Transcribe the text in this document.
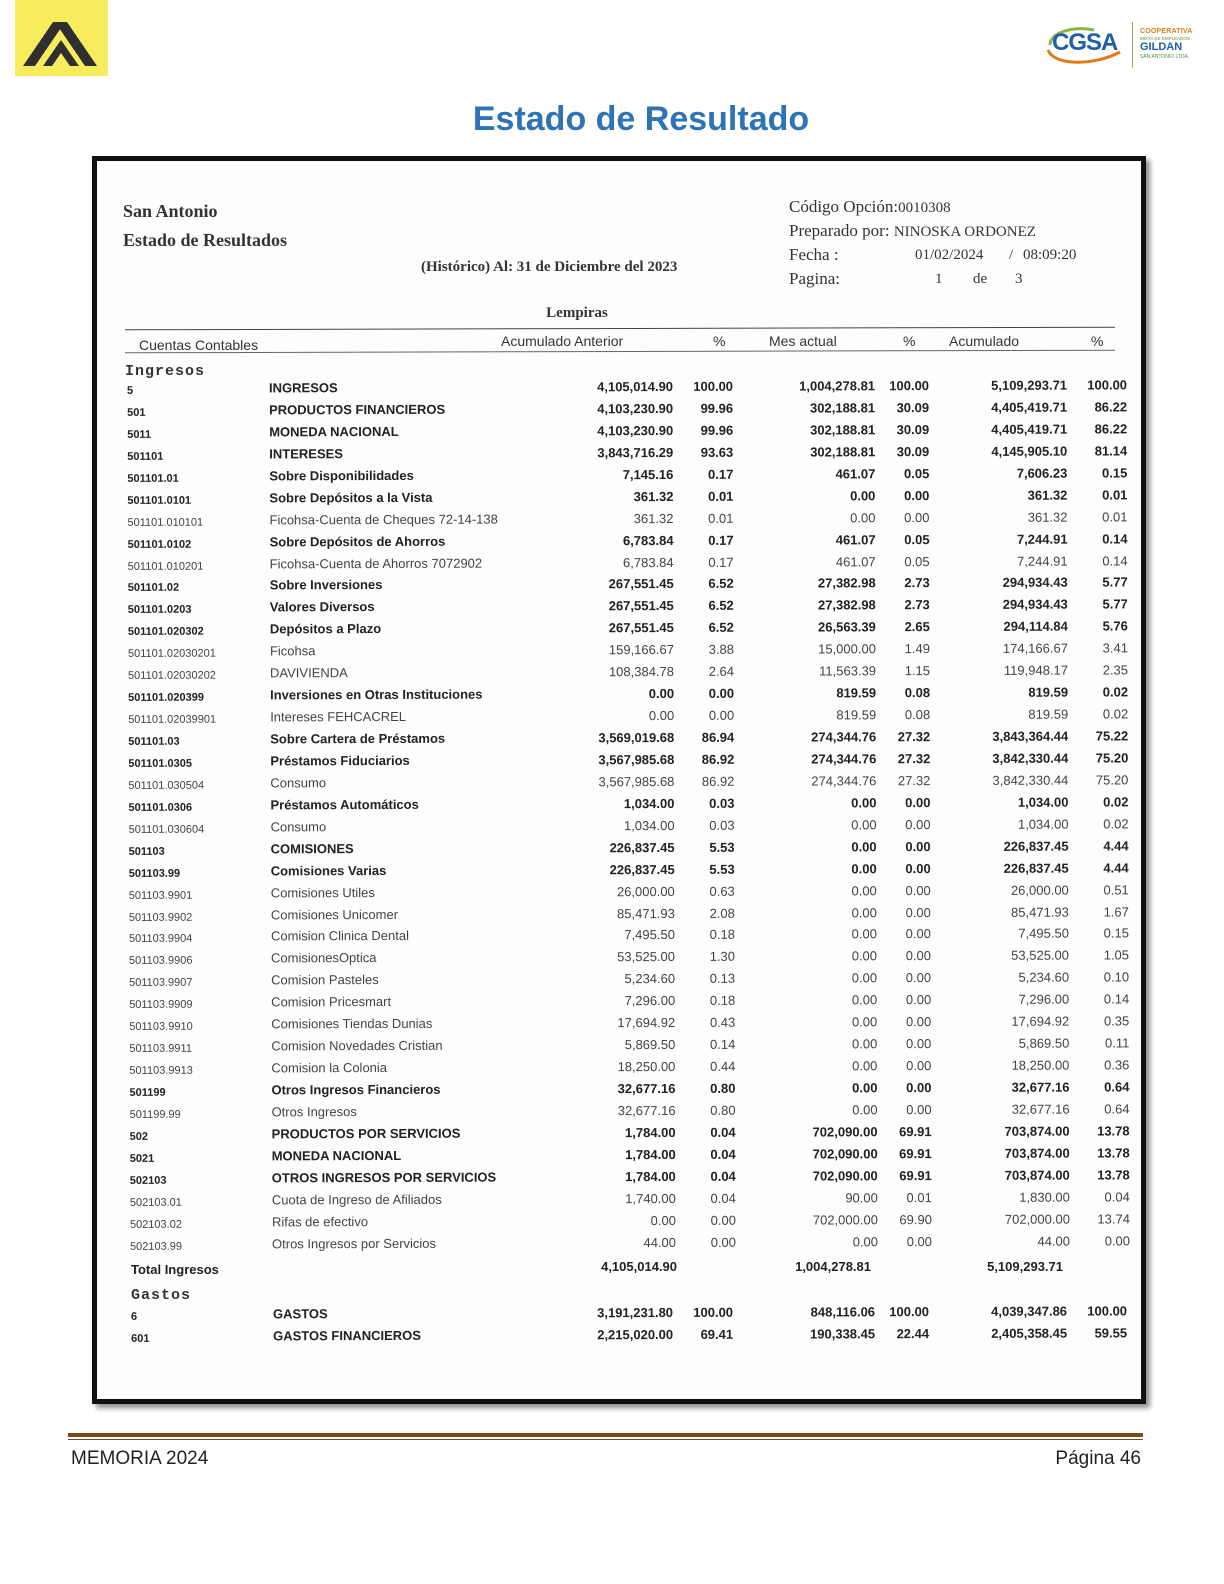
CGSA	COOPERATIVA
MIXTA DE EMPLEADOS
GILDAN
SAN ANTONIO LTDA.
Estado de Resultado
San Antonio
Estado de Resultados
(Histórico) Al: 31 de Diciembre del 2023
Código Opción:0010308
Preparado por: NINOSKA ORDONEZ
Fecha :	01/02/2024 / 08:09:20
Pagina:	1 de 3
Lempiras
Cuentas Contables	Acumulado Anterior	%	Mes actual	% Acumulado	%
Ingresos
5	INGRESOS	4,105,014.90 100.00	1,004,278.81 100.00	5,109,293.71 100.00
501	PRODUCTOS FINANCIEROS	4,103,230.90 99.96	302,188.81 30.09	4,405,419.71 86.22
5011	MONEDA NACIONAL	4,103,230.90 99.96	302,188.81 30.09	4,405,419.71 86.22
501101	INTERESES	3,843,716.29 93.63	302,188.81 30.09	4,145,905.10 81.14
501101.01	Sobre Disponibilidades	7,145.16	0.17	461.07 0.05	7,606.23	0.15
501101.0101	Sobre Depósitos a la Vista	361.32	0.01	0.00 0.00	361.32	0.01
501101.010101	Ficohsa-Cuenta de Cheques 72-14-138	361.32	0.01	0.00 0.00	361.32	0.01
501101.0102	Sobre Depósitos de Ahorros	6,783.84	0.17	461.07 0.05	7,244.91	0.14
501101.010201	Ficohsa-Cuenta de Ahorros 7072902	6,783.84	0.17	461.07 0.05	7,244.91	0.14
501101.02	Sobre Inversiones	267,551.45	6.52	27,382.98 2.73	294,934.43	5.77
501101.0203	Valores Diversos	267,551.45	6.52	27,382.98 2.73	294,934.43	5.77
501101.020302	Depósitos a Plazo	267,551.45	6.52	26,563.39 2.65	294,114.84	5.76
501101.02030201	Ficohsa	159,166.67	3.88	15,000.00 1.49	174,166.67	3.41
501101.02030202	DAVIVIENDA	108,384.78	2.64	11,563.39 1.15	119,948.17	2.35
501101.020399	Inversiones en Otras Instituciones	0.00	0.00	819.59 0.08	819.59	0.02
501101.02039901	Intereses FEHCACREL	0.00	0.00	819.59 0.08	819.59	0.02
501101.03	Sobre Cartera de Préstamos	3,569,019.68 86.94	274,344.76 27.32	3,843,364.44 75.22
501101.0305	Préstamos Fiduciarios	3,567,985.68 86.92	274,344.76 27.32	3,842,330.44 75.20
501101.030504	Consumo	3,567,985.68 86.92	274,344.76 27.32	3,842,330.44 75.20
501101.0306	Préstamos Automáticos	1,034.00	0.03	0.00 0.00	1,034.00	0.02
501101.030604	Consumo	1,034.00	0.03	0.00 0.00	1,034.00	0.02
501103	COMISIONES	226,837.45	5.53	0.00 0.00	226,837.45	4.44
501103.99	Comisiones Varias	226,837.45	5.53	0.00 0.00	226,837.45	4.44
501103.9901	Comisiones Utiles	26,000.00	0.63	0.00 0.00	26,000.00	0.51
501103.9902	Comisiones Unicomer	85,471.93	2.08	0.00 0.00	85,471.93	1.67
501103.9904	Comision Clinica Dental	7,495.50	0.18	0.00 0.00	7,495.50	0.15
501103.9906	ComisionesOptica	53,525.00	1.30	0.00 0.00	53,525.00	1.05
501103.9907	Comision Pasteles	5,234.60	0.13	0.00 0.00	5,234.60	0.10
501103.9909	Comision Pricesmart	7,296.00	0.18	0.00 0.00	7,296.00	0.14
501103.9910	Comisiones Tiendas Dunias	17,694.92	0.43	0.00 0.00	17,694.92	0.35
501103.9911	Comision Novedades Cristian	5,869.50	0.14	0.00 0.00	5,869.50	0.11
501103.9913	Comision la Colonia	18,250.00	0.44	0.00 0.00	18,250.00	0.36
501199	Otros Ingresos Financieros	32,677.16	0.80	0.00 0.00	32,677.16	0.64
501199.99	Otros Ingresos	32,677.16	0.80	0.00 0.00	32,677.16	0.64
502	PRODUCTOS POR SERVICIOS	1,784.00	0.04	702,090.00 69.91	703,874.00 13.78
5021	MONEDA NACIONAL	1,784.00	0.04	702,090.00 69.91	703,874.00 13.78
502103	OTROS INGRESOS POR SERVICIOS	1,784.00	0.04	702,090.00 69.91	703,874.00 13.78
502103.01	Cuota de Ingreso de Afiliados	1,740.00	0.04	90.00 0.01	1,830.00	0.04
502103.02	Rifas de efectivo	0.00	0.00	702,000.00 69.90	702,000.00 13.74
502103.99	Otros Ingresos por Servicios	44.00	0.00	0.00 0.00	44.00	0.00
Total Ingresos	4,105,014.90	1,004,278.81	5,109,293.71
Gastos
6	GASTOS	3,191,231.80 100.00	848,116.06 100.00	4,039,347.86 100.00
601	GASTOS FINANCIEROS	2,215,020.00 69.41	190,338.45 22.44	2,405,358.45 59.55
MEMORIA 2024	Página 46
